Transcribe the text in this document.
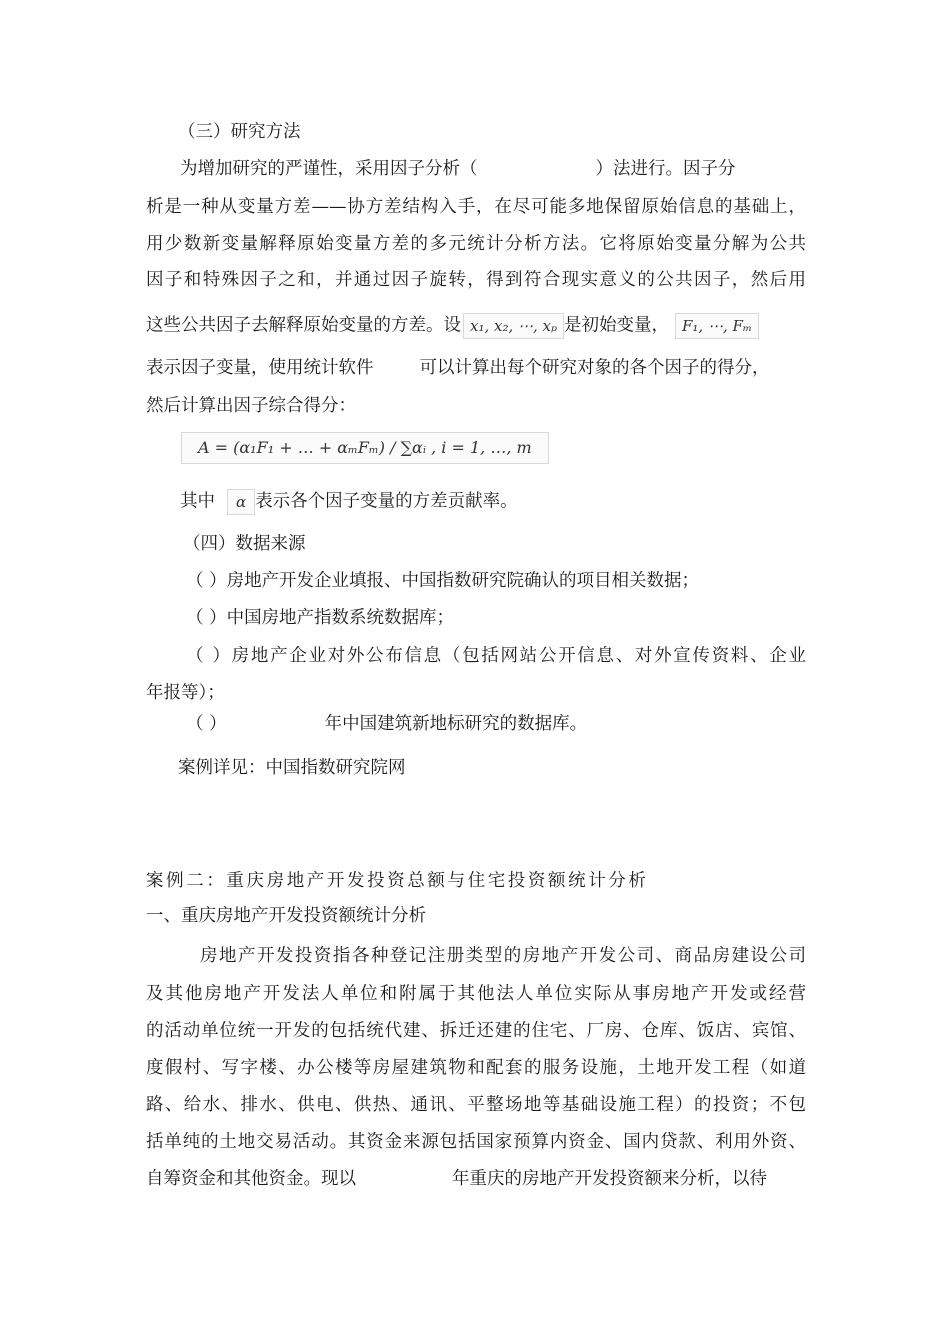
（三）研究方法
为增加研究的严谨性，采用因子分析（	）法进行。因子分
析是一种从变量方差——协方差结构入手，在尽可能多地保留原始信息的基础上，
用少数新变量解释原始变量方差的多元统计分析方法。它将原始变量分解为公共
因子和特殊因子之和，并通过因子旋转，得到符合现实意义的公共因子，然后用
这些公共因子去解释原始变量的方差。设 x₁, x₂, ⋯, xₚ 是初始变量， F₁, ⋯, Fₘ
表示因子变量，使用统计软件	可以计算出每个研究对象的各个因子的得分，
然后计算出因子综合得分：
A = (α₁F₁ + … + αₘFₘ) / ∑αᵢ , i = 1, …, m
其中 α 表示各个因子变量的方差贡献率。
（四）数据来源
（ ）房地产开发企业填报、中国指数研究院确认的项目相关数据；
（ ）中国房地产指数系统数据库；
（ ）房地产企业对外公布信息（包括网站公开信息、对外宣传资料、企业
年报等）；
（ ）	年中国建筑新地标研究的数据库。
案例详见：中国指数研究院网
案例二：重庆房地产开发投资总额与住宅投资额统计分析
一、重庆房地产开发投资额统计分析
房地产开发投资指各种登记注册类型的房地产开发公司、商品房建设公司
及其他房地产开发法人单位和附属于其他法人单位实际从事房地产开发或经营
的活动单位统一开发的包括统代建、拆迁还建的住宅、厂房、仓库、饭店、宾馆、
度假村、写字楼、办公楼等房屋建筑物和配套的服务设施，土地开发工程（如道
路、给水、排水、供电、供热、通讯、平整场地等基础设施工程）的投资；不包
括单纯的土地交易活动。其资金来源包括国家预算内资金、国内贷款、利用外资、
自筹资金和其他资金。现以	年重庆的房地产开发投资额来分析，以待
